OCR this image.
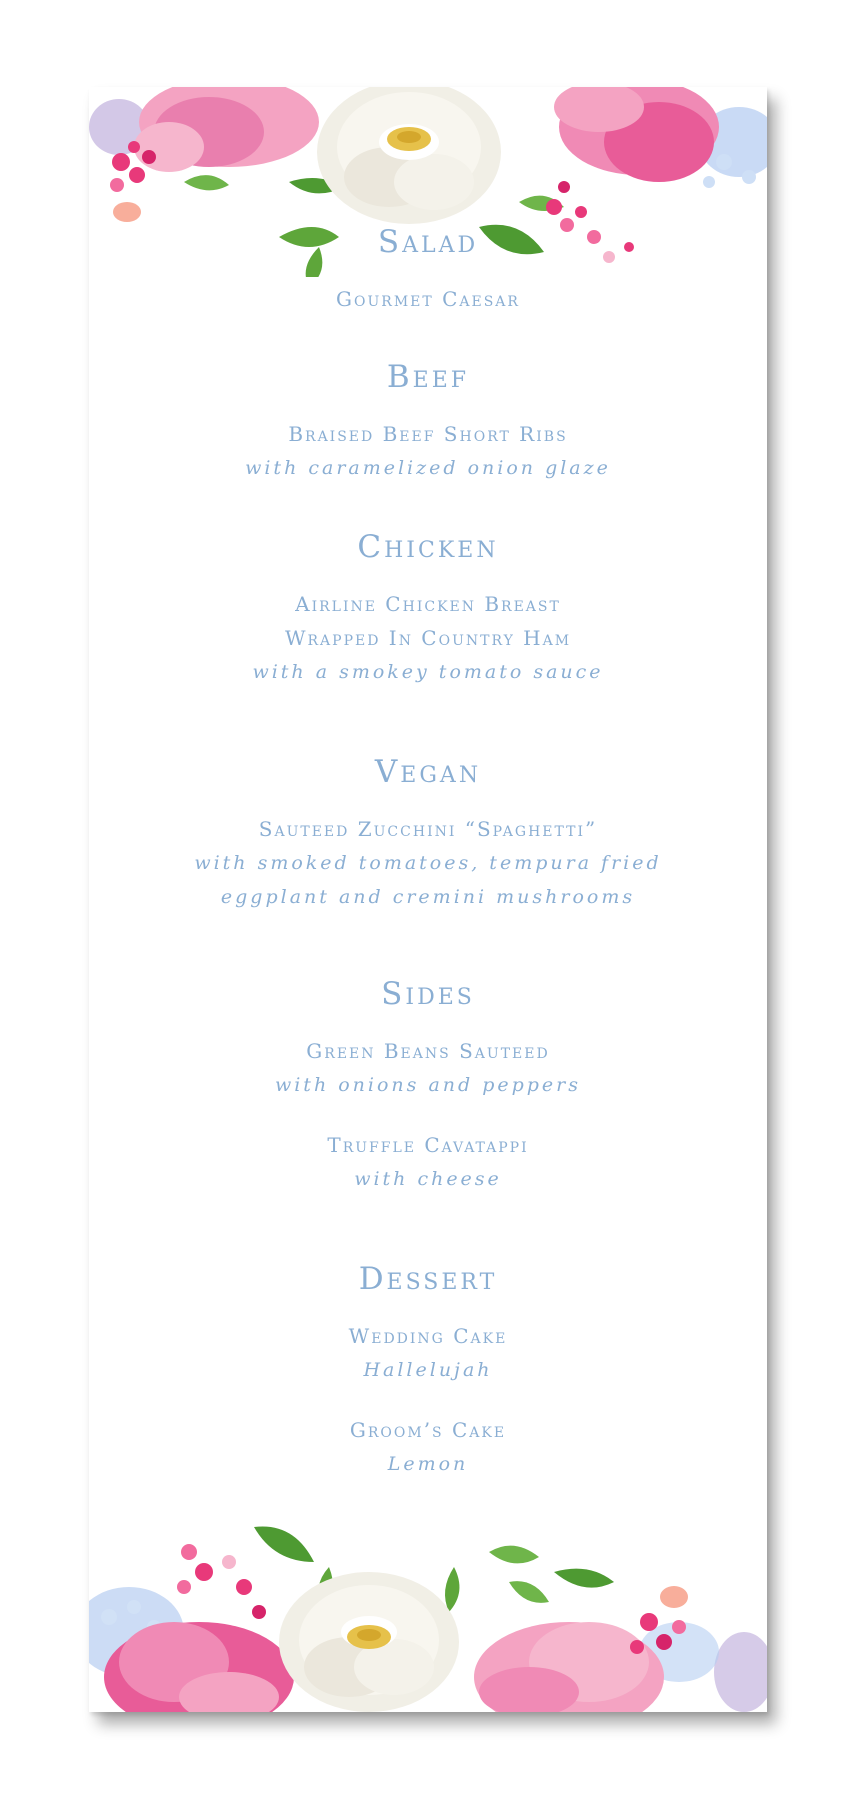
Salad
Gourmet Caesar
Beef
Braised Beef Short Ribs
with caramelized onion glaze
Chicken
Airline Chicken Breast
Wrapped In Country Ham
with a smokey tomato sauce
Vegan
Sauteed Zucchini “Spaghetti”
with smoked tomatoes, tempura fried
eggplant and cremini mushrooms
Sides
Green Beans Sauteed
with onions and peppers
Truffle Cavatappi
with cheese
Dessert
Wedding Cake
Hallelujah
Groom’s Cake
Lemon
